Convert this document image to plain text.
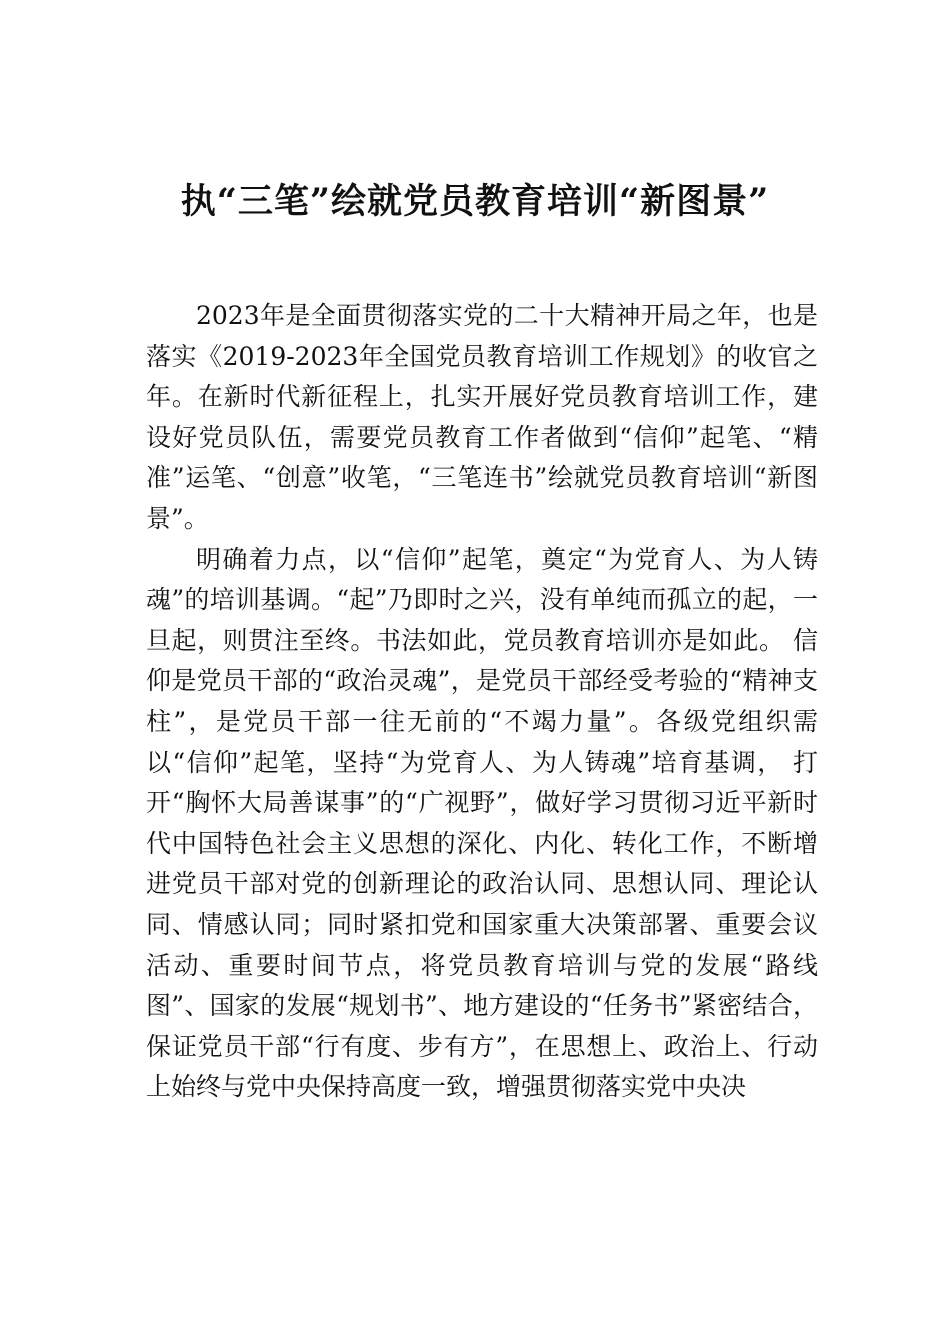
执“三笔”绘就党员教育培训“新图景”

2023年是全面贯彻落实党的二十大精神开局之年，也是落实《2019-2023年全国党员教育培训工作规划》的收官之年。在新时代新征程上，扎实开展好党员教育培训工作，建设好党员队伍，需要党员教育工作者做到“信仰”起笔、“精准”运笔、“创意”收笔，“三笔连书”绘就党员教育培训“新图景”。

明确着力点，以“信仰”起笔，奠定“为党育人、为人铸魂”的培训基调。“起”乃即时之兴，没有单纯而孤立的起，一旦起，则贯注至终。书法如此，党员教育培训亦是如此。 信仰是党员干部的“政治灵魂”，是党员干部经受考验的“精神支柱”，是党员干部一往无前的“不竭力量”。各级党组织需以“信仰”起笔，坚持“为党育人、为人铸魂”培育基调， 打开“胸怀大局善谋事”的“广视野”，做好学习贯彻习近平新时代中国特色社会主义思想的深化、内化、转化工作，不断增进党员干部对党的创新理论的政治认同、思想认同、理论认同、情感认同；同时紧扣党和国家重大决策部署、重要会议活动、重要时间节点，将党员教育培训与党的发展“路线图”、国家的发展“规划书”、地方建设的“任务书”紧密结合，保证党员干部“行有度、步有方”，在思想上、政治上、行动上始终与党中央保持高度一致，增强贯彻落实党中央决
